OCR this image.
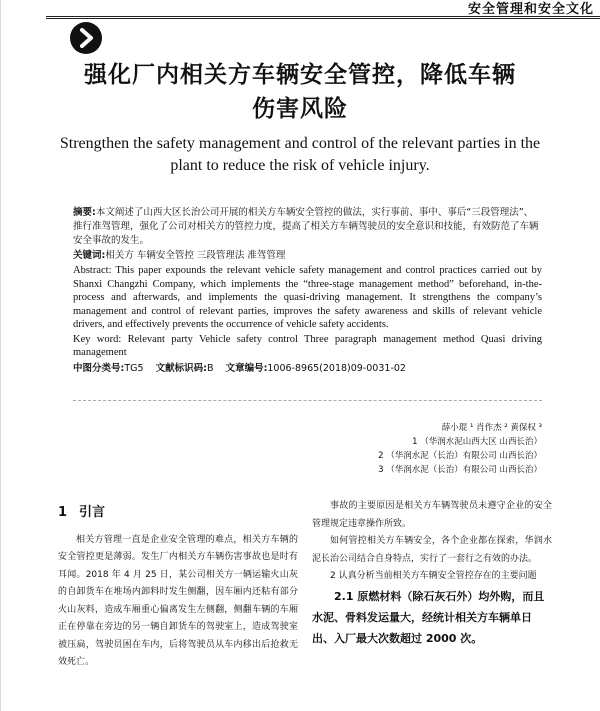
安全管理和安全文化
强化厂内相关方车辆安全管控，降低车辆
伤害风险
Strengthen the safety management and control of the relevant parties in the
plant to reduce the risk of vehicle injury.

摘要:本文阐述了山西大区长治公司开展的相关方车辆安全管控的做法，实行事前、事中、事后“三段管理法”、推行准驾管理，强化了公司对相关方的管控力度，提高了相关方车辆驾驶员的安全意识和技能，有效防范了车辆安全事故的发生。

关键词:相关方 车辆安全管控 三段管理法 准驾管理

Abstract: This paper expounds the relevant vehicle safety management and control practices carried out by Shanxi Changzhi Company, which implements the “three-stage management method” beforehand, in-the-process and afterwards, and implements the quasi-driving management. It strengthens the company’s management and control of relevant parties, improves the safety awareness and skills of relevant vehicle drivers, and effectively prevents the occurrence of vehicle safety accidents.

Key word: Relevant party Vehicle safety control Three paragraph management method Quasi driving management

中图分类号:TG5 文献标识码:B 文章编号:1006-8965(2018)09-0031-02

薛小琨 ¹ 肖作杰 ² 黄保权 ³
1 （华润水泥山西大区 山西长治）
2 （华润水泥（长治）有限公司 山西长治）
3 （华润水泥（长治）有限公司 山西长治）
1 引言

相关方管理一直是企业安全管理的难点，相关方车辆的安全管控更是薄弱。发生厂内相关方车辆伤害事故也是时有耳闻。2018 年 4 月 25 日，某公司相关方一辆运输火山灰的自卸货车在堆场内卸料时发生侧翻，因车厢内还粘有部分火山灰料，造成车厢重心偏离发生左侧翻，侧翻车辆的车厢正在停靠在旁边的另一辆自卸货车的驾驶室上，造成驾驶室被压扁，驾驶员困在车内，后将驾驶员从车内移出后抢救无效死亡。

事故的主要原因是相关方车辆驾驶员未遵守企业的安全管理规定违章操作所致。

如何管控相关方车辆安全，各个企业都在探索，华润水泥长治公司结合自身特点，实行了一套行之有效的办法。

2 认真分析当前相关方车辆安全管控存在的主要问题

2.1 原燃材料（除石灰石外）均外购，而且水泥、骨料发运量大，经统计相关方车辆单日出、入厂最大次数超过 2000 次。
